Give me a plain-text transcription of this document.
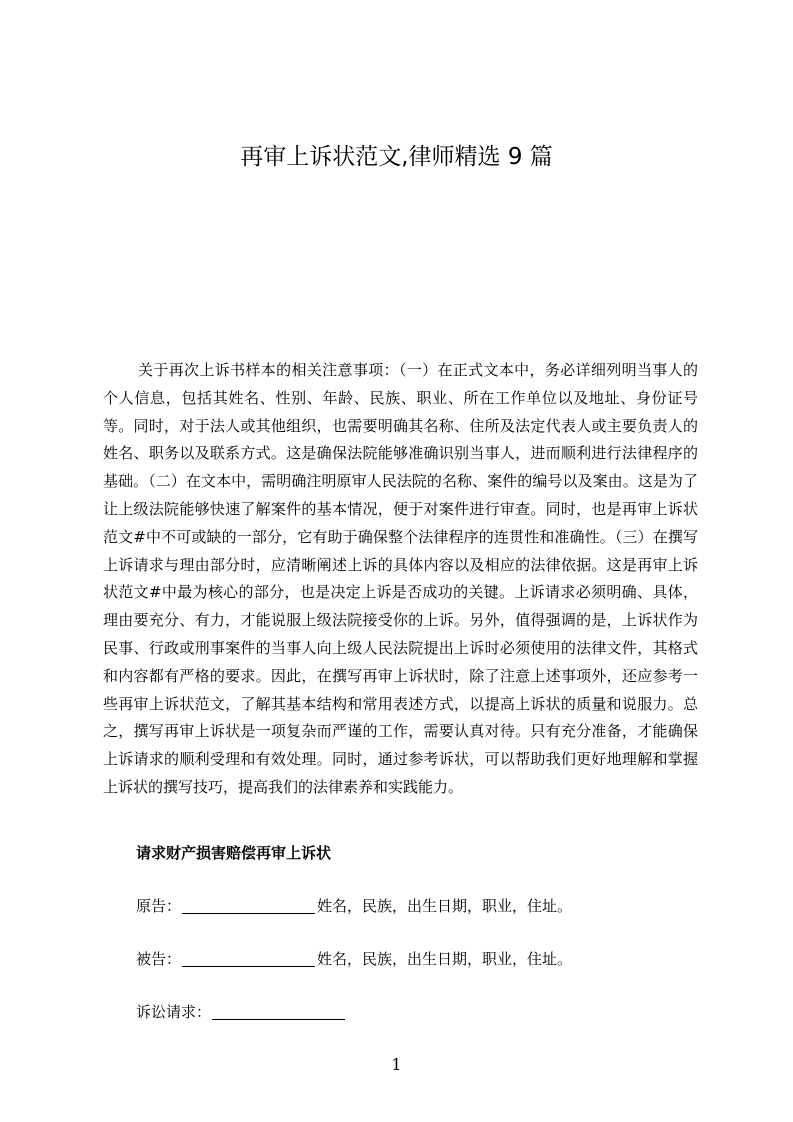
再审上诉状范文,律师精选 9 篇

关于再次上诉书样本的相关注意事项：（一）在正式文本中，务必详细列明当事人的个人信息，包括其姓名、性别、年龄、民族、职业、所在工作单位以及地址、身份证号等。同时，对于法人或其他组织，也需要明确其名称、住所及法定代表人或主要负责人的姓名、职务以及联系方式。这是确保法院能够准确识别当事人，进而顺利进行法律程序的基础。（二）在文本中，需明确注明原审人民法院的名称、案件的编号以及案由。这是为了让上级法院能够快速了解案件的基本情况，便于对案件进行审查。同时，也是再审上诉状范文#中不可或缺的一部分，它有助于确保整个法律程序的连贯性和准确性。（三）在撰写上诉请求与理由部分时，应清晰阐述上诉的具体内容以及相应的法律依据。这是再审上诉状范文#中最为核心的部分，也是决定上诉是否成功的关键。上诉请求必须明确、具体，理由要充分、有力，才能说服上级法院接受你的上诉。另外，值得强调的是，上诉状作为民事、行政或刑事案件的当事人向上级人民法院提出上诉时必须使用的法律文件，其格式和内容都有严格的要求。因此，在撰写再审上诉状时，除了注意上述事项外，还应参考一些再审上诉状范文，了解其基本结构和常用表述方式，以提高上诉状的质量和说服力。总之，撰写再审上诉状是一项复杂而严谨的工作，需要认真对待。只有充分准备，才能确保上诉请求的顺利受理和有效处理。同时，通过参考诉状，可以帮助我们更好地理解和掌握上诉状的撰写技巧，提高我们的法律素养和实践能力。

请求财产损害赔偿再审上诉状
原告：	姓名，民族，出生日期，职业，住址。
被告：	姓名，民族，出生日期，职业，住址。
诉讼请求：
1
